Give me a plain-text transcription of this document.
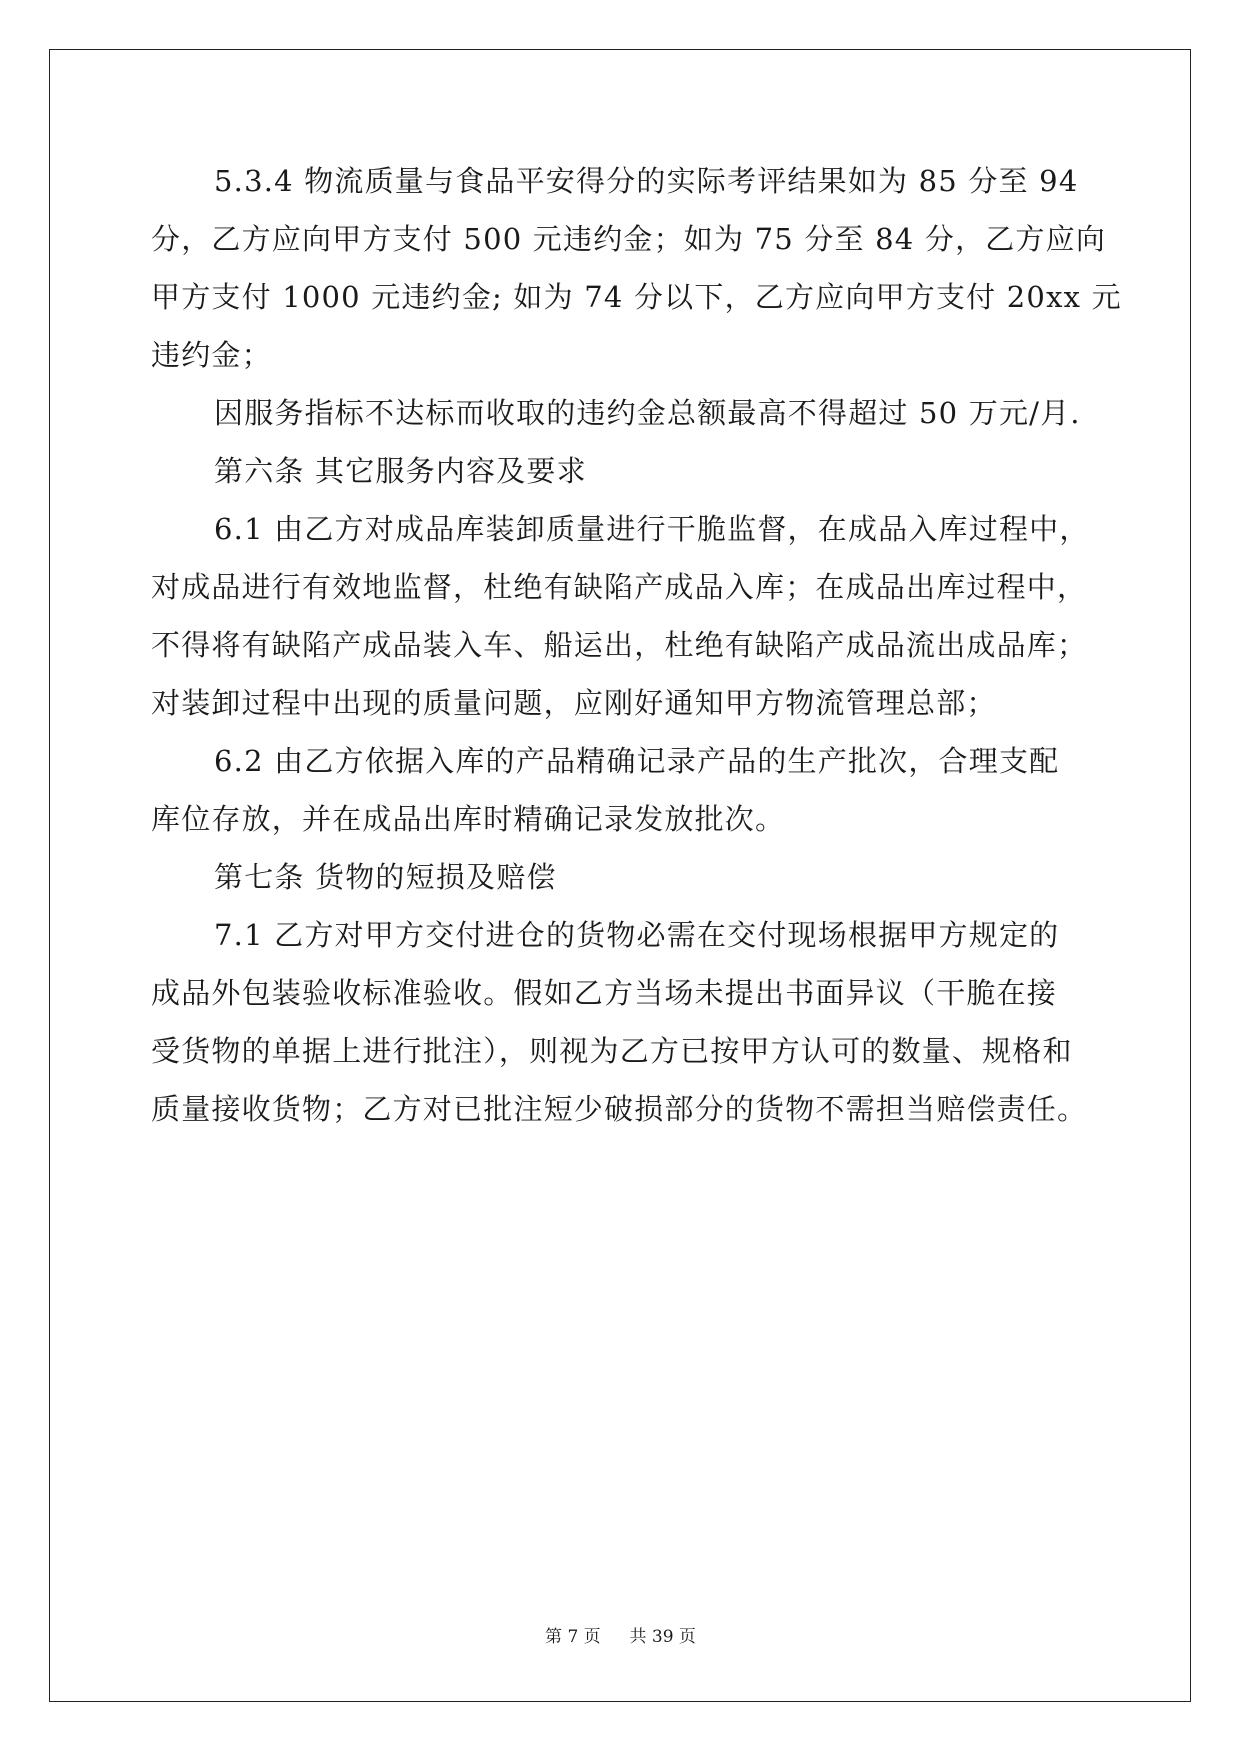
5.3.4 物流质量与食品平安得分的实际考评结果如为 85 分至 94

分，乙方应向甲方支付 500 元违约金；如为 75 分至 84 分，乙方应向

甲方支付 1000 元违约金; 如为 74 分以下，乙方应向甲方支付 20xx 元

违约金；

因服务指标不达标而收取的违约金总额最高不得超过 50 万元/月.

第六条 其它服务内容及要求

6.1 由乙方对成品库装卸质量进行干脆监督，在成品入库过程中，

对成品进行有效地监督，杜绝有缺陷产成品入库；在成品出库过程中，

不得将有缺陷产成品装入车、船运出，杜绝有缺陷产成品流出成品库；

对装卸过程中出现的质量问题，应刚好通知甲方物流管理总部；

6.2 由乙方依据入库的产品精确记录产品的生产批次，合理支配

库位存放，并在成品出库时精确记录发放批次。

第七条 货物的短损及赔偿

7.1 乙方对甲方交付进仓的货物必需在交付现场根据甲方规定的

成品外包装验收标准验收。假如乙方当场未提出书面异议（干脆在接

受货物的单据上进行批注），则视为乙方已按甲方认可的数量、规格和

质量接收货物；乙方对已批注短少破损部分的货物不需担当赔偿责任。

第 7 页 共 39 页
